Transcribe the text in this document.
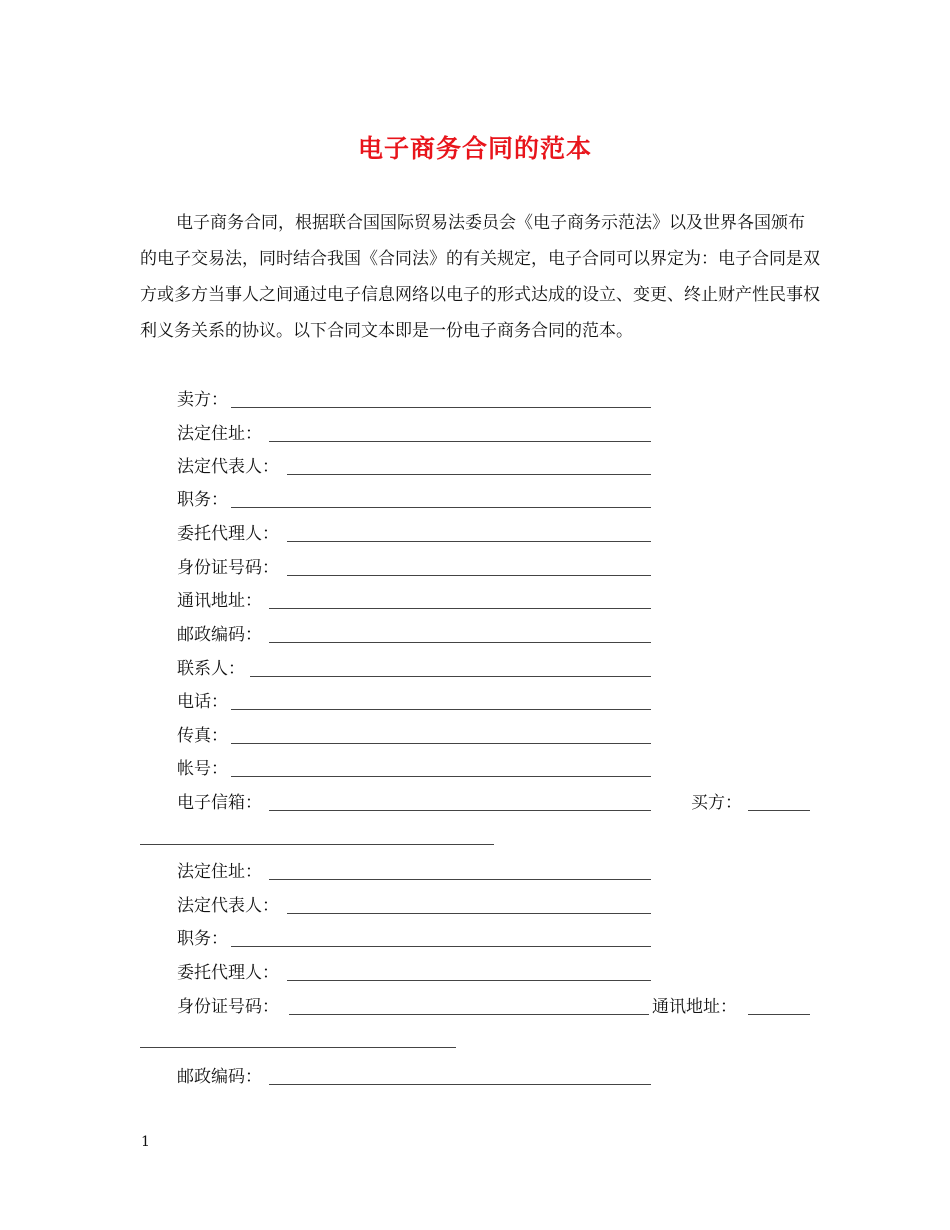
电子商务合同的范本

电子商务合同，根据联合国国际贸易法委员会《电子商务示范法》以及世界各国颁布的电子交易法，同时结合我国《合同法》的有关规定，电子合同可以界定为：电子合同是双方或多方当事人之间通过电子信息网络以电子的形式达成的设立、变更、终止财产性民事权利义务关系的协议。以下合同文本即是一份电子商务合同的范本。

卖方：
法定住址：
法定代表人：
职务：
委托代理人：
身份证号码：
通讯地址：
邮政编码：
联系人：
电话：
传真：
帐号：
电子信箱：	买方：
法定住址：
法定代表人：
职务：
委托代理人：
身份证号码：	通讯地址：
邮政编码：
1
